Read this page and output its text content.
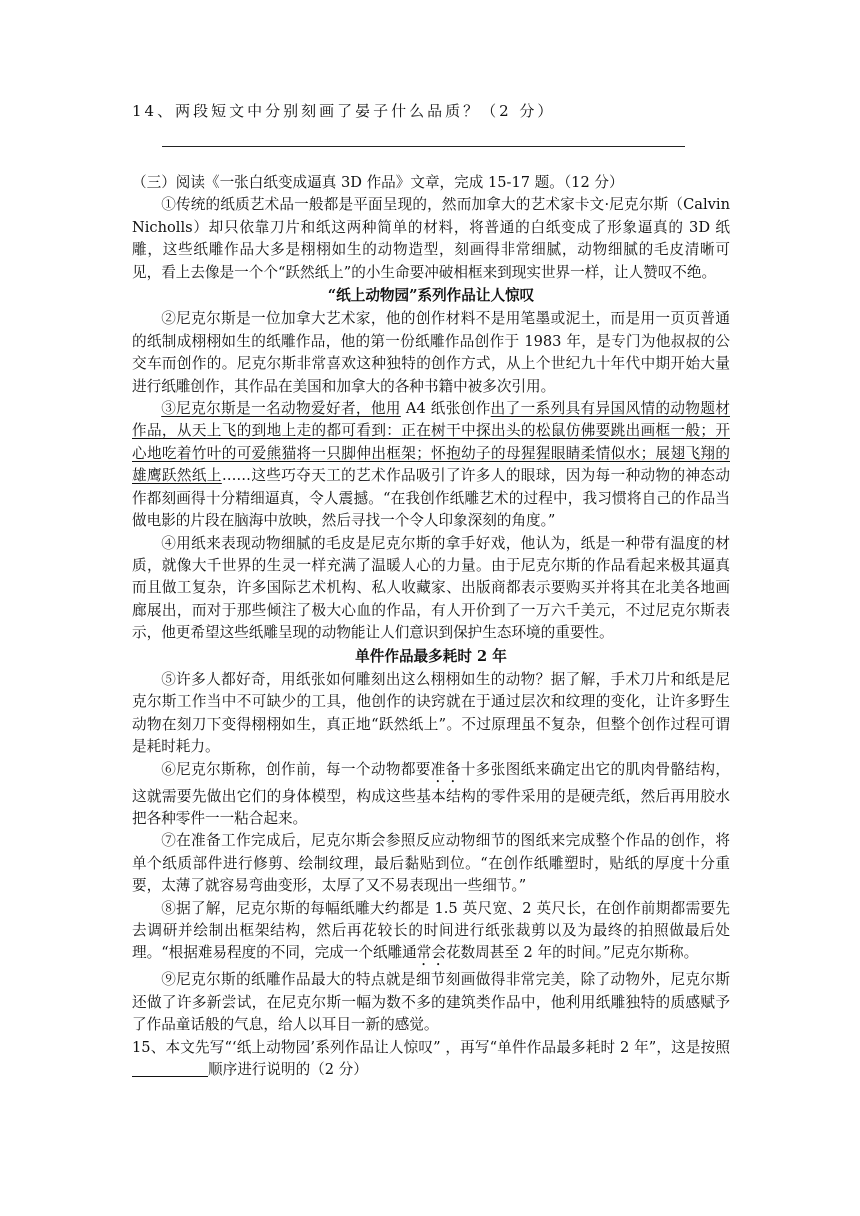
14、两段短文中分别刻画了晏子什么品质？（2 分）

（三）阅读《一张白纸变成逼真 3D 作品》文章，完成 15-17 题。（12 分）

①传统的纸质艺术品一般都是平面呈现的，然而加拿大的艺术家卡文·尼克尔斯（Calvin Nicholls）却只依靠刀片和纸这两种简单的材料，将普通的白纸变成了形象逼真的 3D 纸雕，这些纸雕作品大多是栩栩如生的动物造型，刻画得非常细腻，动物细腻的毛皮清晰可见，看上去像是一个个“跃然纸上”的小生命要冲破相框来到现实世界一样，让人赞叹不绝。

“纸上动物园”系列作品让人惊叹

②尼克尔斯是一位加拿大艺术家，他的创作材料不是用笔墨或泥土，而是用一页页普通的纸制成栩栩如生的纸雕作品，他的第一份纸雕作品创作于 1983 年，是专门为他叔叔的公交车而创作的。尼克尔斯非常喜欢这种独特的创作方式，从上个世纪九十年代中期开始大量进行纸雕创作，其作品在美国和加拿大的各种书籍中被多次引用。

③尼克尔斯是一名动物爱好者，他用 A4 纸张创作出了一系列具有异国风情的动物题材作品，从天上飞的到地上走的都可看到：正在树干中探出头的松鼠仿佛要跳出画框一般；开心地吃着竹叶的可爱熊猫将一只脚伸出框架；怀抱幼子的母猩猩眼睛柔情似水；展翅飞翔的雄鹰跃然纸上……这些巧夺天工的艺术作品吸引了许多人的眼球，因为每一种动物的神态动作都刻画得十分精细逼真，令人震撼。“在我创作纸雕艺术的过程中，我习惯将自己的作品当做电影的片段在脑海中放映，然后寻找一个令人印象深刻的角度。”

④用纸来表现动物细腻的毛皮是尼克尔斯的拿手好戏，他认为，纸是一种带有温度的材质，就像大千世界的生灵一样充满了温暖人心的力量。由于尼克尔斯的作品看起来极其逼真而且做工复杂，许多国际艺术机构、私人收藏家、出版商都表示要购买并将其在北美各地画廊展出，而对于那些倾注了极大心血的作品，有人开价到了一万六千美元，不过尼克尔斯表示，他更希望这些纸雕呈现的动物能让人们意识到保护生态环境的重要性。

单件作品最多耗时 2 年

⑤许多人都好奇，用纸张如何雕刻出这么栩栩如生的动物？据了解，手术刀片和纸是尼克尔斯工作当中不可缺少的工具，他创作的诀窍就在于通过层次和纹理的变化，让许多野生动物在刻刀下变得栩栩如生，真正地“跃然纸上”。不过原理虽不复杂，但整个创作过程可谓是耗时耗力。

⑥尼克尔斯称，创作前，每一个动物都要准备十多张图纸来确定出它的肌肉骨骼结构，这就需要先做出它们的身体模型，构成这些基本结构的零件采用的是硬壳纸，然后再用胶水把各种零件一一粘合起来。

⑦在准备工作完成后，尼克尔斯会参照反应动物细节的图纸来完成整个作品的创作，将单个纸质部件进行修剪、绘制纹理，最后黏贴到位。“在创作纸雕塑时，贴纸的厚度十分重要，太薄了就容易弯曲变形，太厚了又不易表现出一些细节。”

⑧据了解，尼克尔斯的每幅纸雕大约都是 1.5 英尺宽、2 英尺长，在创作前期都需要先去调研并绘制出框架结构，然后再花较长的时间进行纸张裁剪以及为最终的拍照做最后处理。“根据难易程度的不同，完成一个纸雕通常会花数周甚至 2 年的时间。”尼克尔斯称。

⑨尼克尔斯的纸雕作品最大的特点就是细节刻画做得非常完美，除了动物外，尼克尔斯还做了许多新尝试，在尼克尔斯一幅为数不多的建筑类作品中，他利用纸雕独特的质感赋予了作品童话般的气息，给人以耳目一新的感觉。

15、本文先写“‘纸上动物园’系列作品让人惊叹” ，再写“单件作品最多耗时 2 年”，这是按照顺序进行说明的（2 分）
